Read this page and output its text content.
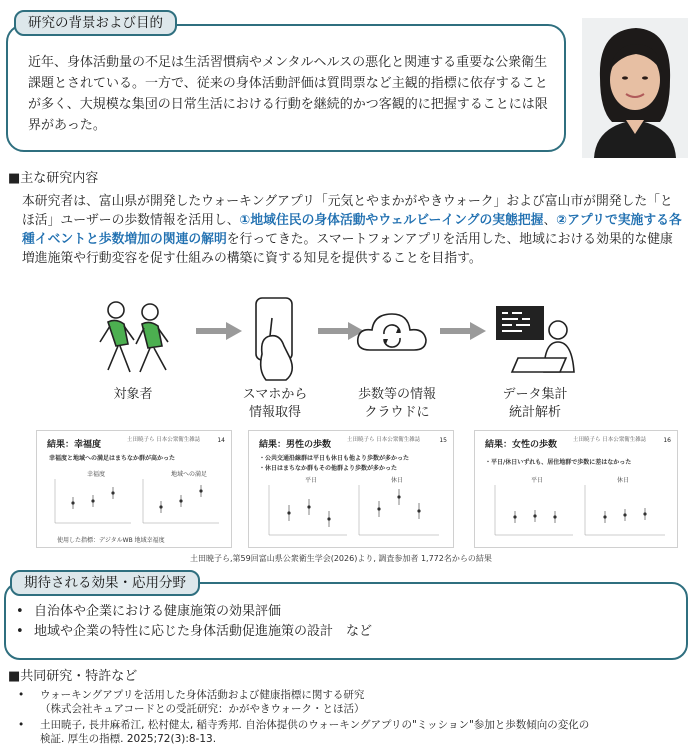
研究の背景および目的
近年、身体活動量の不足は生活習慣病やメンタルヘルスの悪化と関連する重要な公衆衛生課題とされている。一方で、従来の身体活動評価は質問票など主観的指標に依存することが多く、大規模な集団の日常生活における行動を継続的かつ客観的に把握することには限界があった。
■主な研究内容
本研究者は、富山県が開発したウォーキングアプリ「元気とやまかがやきウォーク」および富山市が開発した「とほ活」ユーザーの歩数情報を活用し、①地域住民の身体活動やウェルビーイングの実態把握、②アプリで実施する各種イベントと歩数増加の関連の解明を行ってきた。スマートフォンアプリを活用した、地域における効果的な健康増進施策や行動変容を促す仕組みの構築に資する知見を提供することを目指す。
対象者	スマホから
情報取得
歩数等の情報
クラウドに
データ集計
統計解析
結果：幸福度	14
土田暁子ら 日本公衆衛生雑誌
幸福度と地域への満足はまちなか群が高かった
幸福度	地域への満足
使用した指標：デジタルWB 地域幸福度
結果：男性の歩数	15
土田暁子ら 日本公衆衛生雑誌
・公共交通沿線群は平日も休日も他より歩数が多かった
・休日はまちなか群もその他群より歩数が多かった
平日	休日
結果：女性の歩数	16
土田暁子ら 日本公衆衛生雑誌
・平日/休日いずれも、居住地群で歩数に差はなかった
平日	休日
土田暁子ら,第59回富山県公衆衛生学会(2026)より, 調査参加者 1,772名からの結果
期待される効果・応用分野
• 自治体や企業における健康施策の効果評価
• 地域や企業の特性に応じた身体活動促進施策の設計　など
■共同研究・特許など
• ウォーキングアプリを活用した身体活動および健康指標に関する研究
（株式会社キュアコードとの受託研究：かがやきウォーク・とほ活）
• 土田暁子, 長井麻希江, 松村健太, 稲寺秀邦. 自治体提供のウォーキングアプリの"ミッション"参加と歩数傾向の変化の
検証. 厚生の指標. 2025;72(3):8-13.
